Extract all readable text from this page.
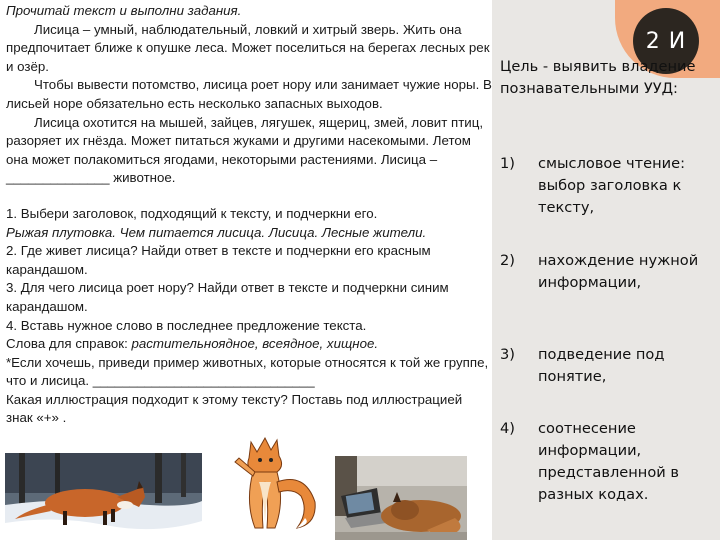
Прочитай текст и выполни задания.

Лисица – умный, наблюдательный, ловкий и хитрый зверь. Жить она предпочитает ближе к опушке леса. Может поселиться на берегах лесных рек и озёр.

Чтобы вывести потомство, лисица роет нору или занимает чужие норы. В лисьей норе обязательно есть несколько запасных выходов.

Лисица охотится на мышей, зайцев, лягушек, ящериц, змей, ловит птиц, разоряет их гнёзда. Может питаться жуками и другими насекомыми. Летом она может полакомиться ягодами, некоторыми растениями. Лисица – ______________ животное.

1. Выбери заголовок, подходящий к тексту, и подчеркни его.

Рыжая плутовка. Чем питается лисица. Лисица. Лесные жители.

2. Где живет лисица? Найди ответ в тексте и подчеркни его красным карандашом.

3. Для чего лисица роет нору? Найди ответ в тексте и подчеркни синим карандашом.

4. Вставь нужное слово в последнее предложение текста.

Слова для справок: растительноядное, всеядное, хищное.

*Если хочешь, приведи пример животных, которые относятся к той же группе, что и лисица. ______________________________

Какая иллюстрация подходит к этому тексту? Поставь под иллюстрацией знак «+» .

2 И
Цель - выявить владение познавательными УУД:
1)	смысловое чтение: выбор заголовка к тексту,
2)	нахождение нужной информации,
3)	подведение под понятие,
4)	соотнесение информации, представленной в разных кодах.
